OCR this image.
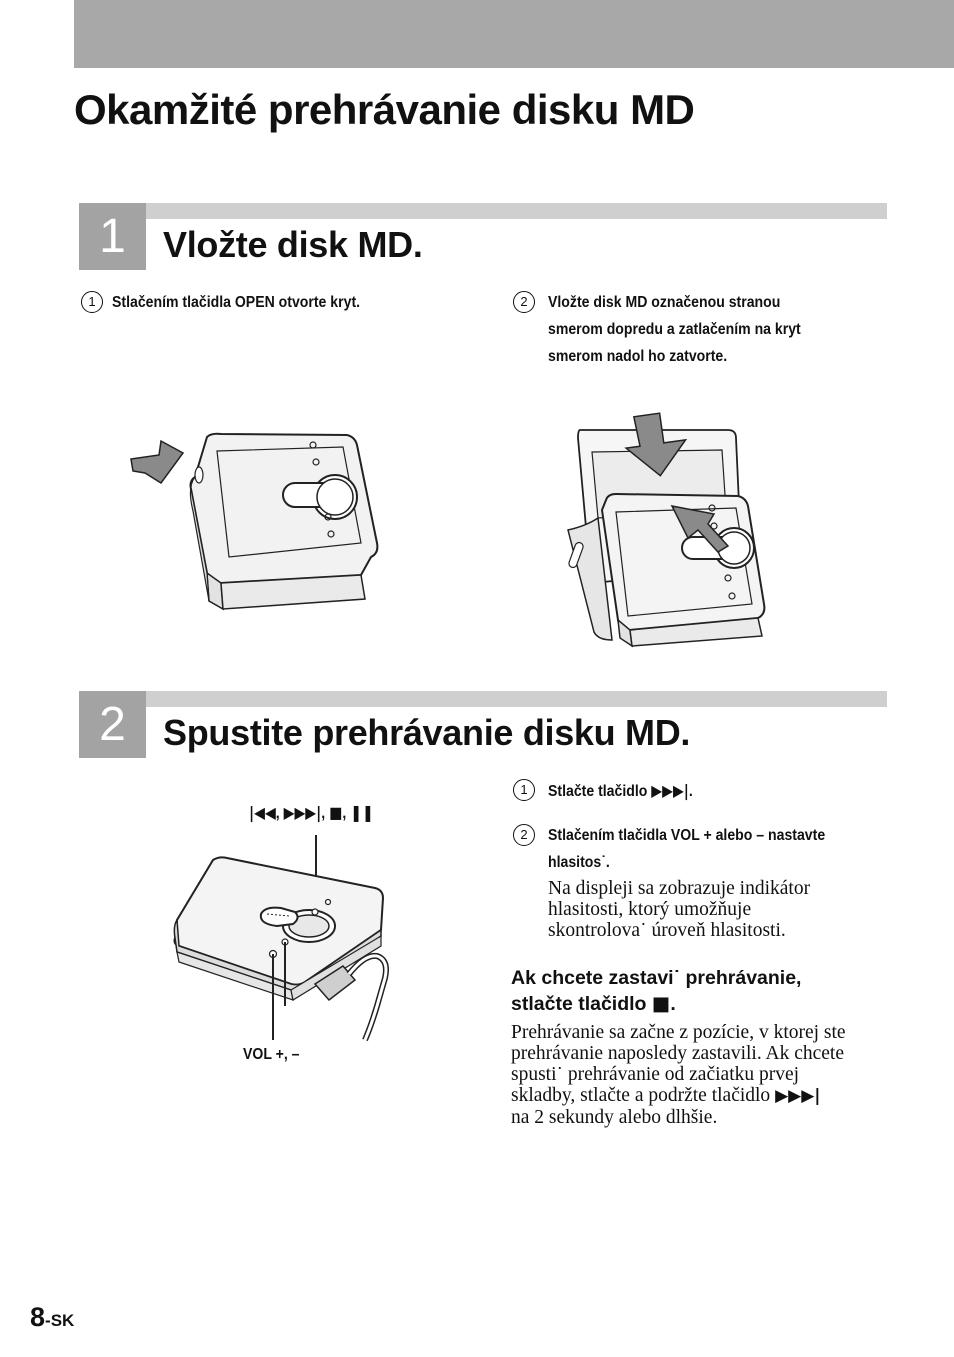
Okamžité prehrávanie disku MD
1	Vložte disk MD.
1	Stlačením tlačidla OPEN otvorte kryt.	2	Vložte disk MD označenou stranou
smerom dopredu a zatlačením na kryt
smerom nadol ho zatvorte.
2	Spustite prehrávanie disku MD.
|◀◀, ▶▶▶|, ■, ❚❚
VOL +, –
1	Stlačte tlačidlo ▶▶▶|.
2	Stlačením tlačidla VOL + alebo – nastavte
hlasitos˙.
Na displeji sa zobrazuje indikátor
hlasitosti, ktorý umožňuje
skontrolova˙ úroveň hlasitosti.
Ak chcete zastavi˙ prehrávanie,
stlačte tlačidlo ■.
Prehrávanie sa začne z pozície, v ktorej ste
prehrávanie naposledy zastavili. Ak chcete
spusti˙ prehrávanie od začiatku prvej
skladby, stlačte a podržte tlačidlo ▶▶▶|
na 2 sekundy alebo dlhšie.
8-SK
